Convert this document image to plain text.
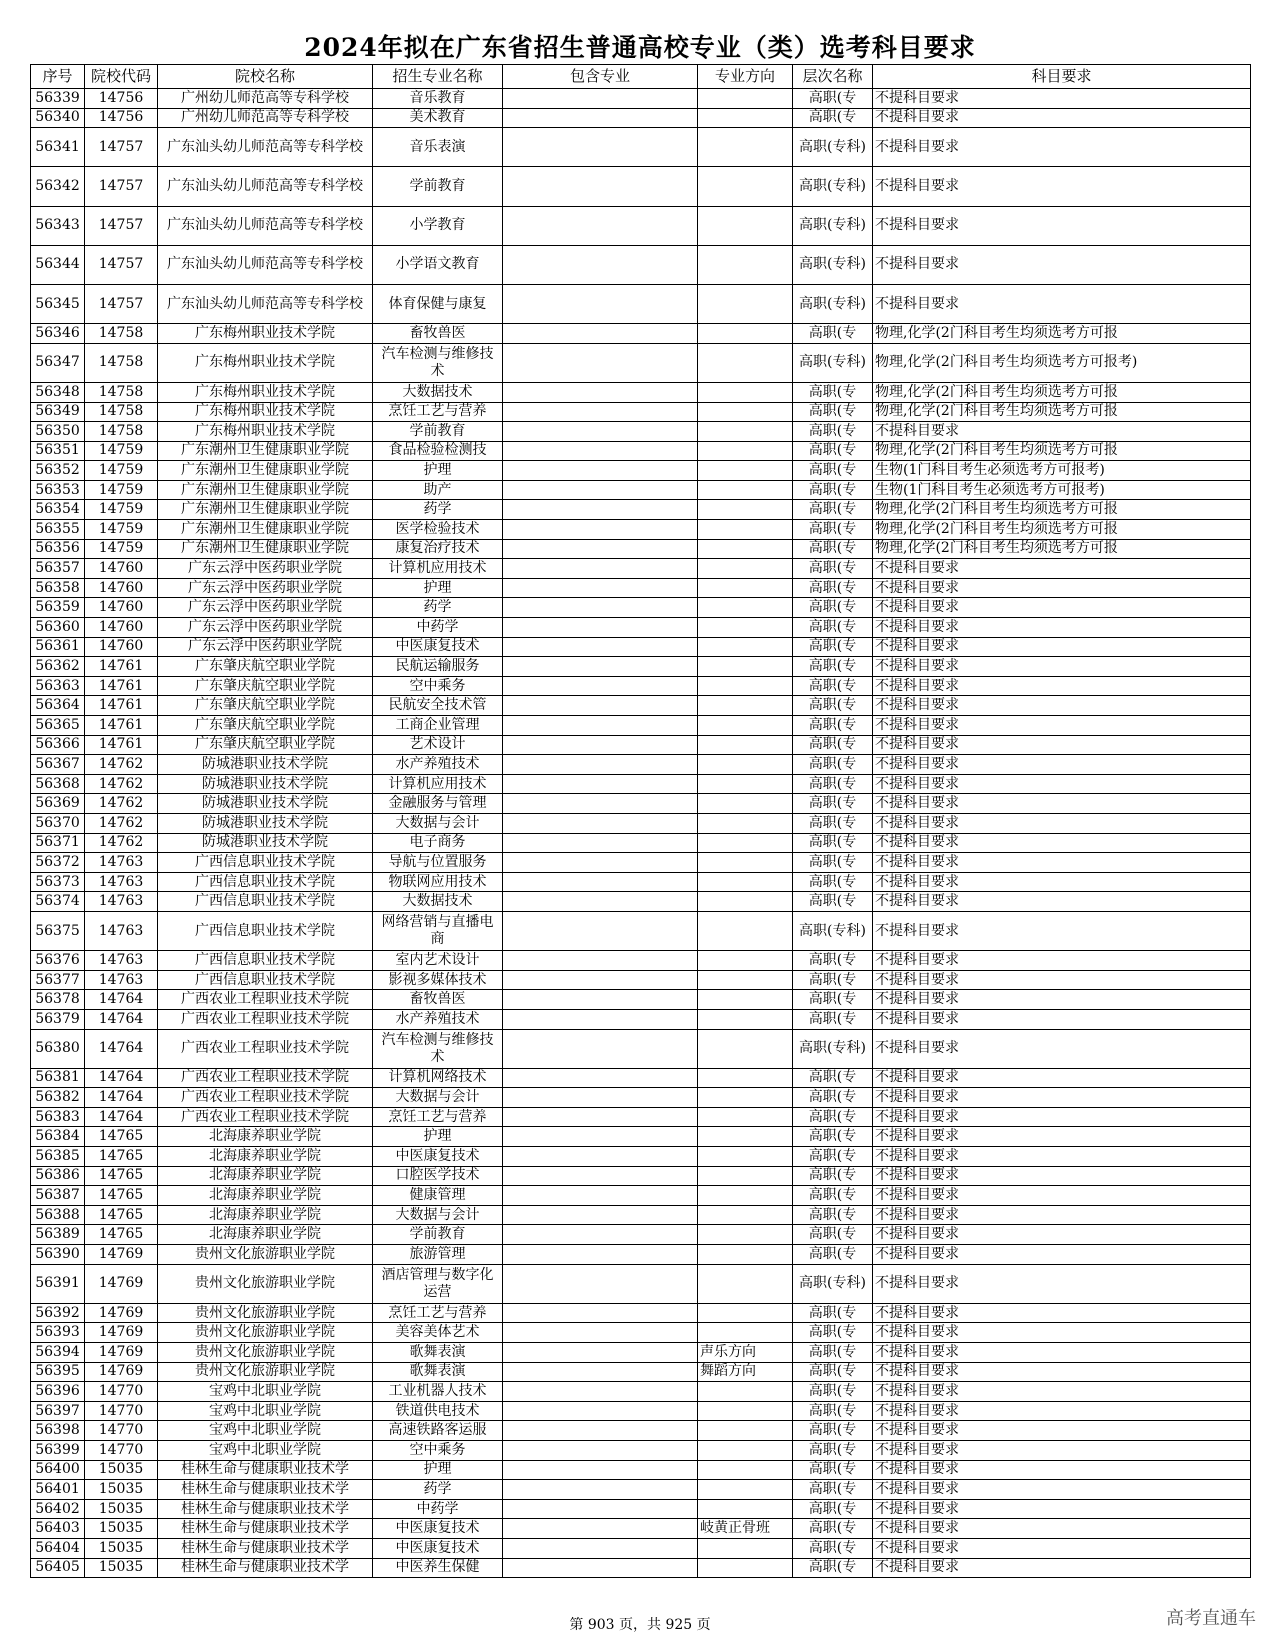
2024年拟在广东省招生普通高校专业（类）选考科目要求
序号	院校代码	院校名称	招生专业名称	包含专业	专业方向	层次名称	科目要求
56339	14756	广州幼儿师范高等专科学校	音乐教育			高职(专	不提科目要求
56340	14756	广州幼儿师范高等专科学校	美术教育			高职(专	不提科目要求
56341	14757	广东汕头幼儿师范高等专科学校	音乐表演			高职(专科)	不提科目要求
56342	14757	广东汕头幼儿师范高等专科学校	学前教育			高职(专科)	不提科目要求
56343	14757	广东汕头幼儿师范高等专科学校	小学教育			高职(专科)	不提科目要求
56344	14757	广东汕头幼儿师范高等专科学校	小学语文教育			高职(专科)	不提科目要求
56345	14757	广东汕头幼儿师范高等专科学校	体育保健与康复			高职(专科)	不提科目要求
56346	14758	广东梅州职业技术学院	畜牧兽医			高职(专	物理,化学(2门科目考生均须选考方可报
56347	14758	广东梅州职业技术学院	汽车检测与维修技术			高职(专科)	物理,化学(2门科目考生均须选考方可报考)
56348	14758	广东梅州职业技术学院	大数据技术			高职(专	物理,化学(2门科目考生均须选考方可报
56349	14758	广东梅州职业技术学院	烹饪工艺与营养			高职(专	物理,化学(2门科目考生均须选考方可报
56350	14758	广东梅州职业技术学院	学前教育			高职(专	不提科目要求
56351	14759	广东潮州卫生健康职业学院	食品检验检测技			高职(专	物理,化学(2门科目考生均须选考方可报
56352	14759	广东潮州卫生健康职业学院	护理			高职(专	生物(1门科目考生必须选考方可报考)
56353	14759	广东潮州卫生健康职业学院	助产			高职(专	生物(1门科目考生必须选考方可报考)
56354	14759	广东潮州卫生健康职业学院	药学			高职(专	物理,化学(2门科目考生均须选考方可报
56355	14759	广东潮州卫生健康职业学院	医学检验技术			高职(专	物理,化学(2门科目考生均须选考方可报
56356	14759	广东潮州卫生健康职业学院	康复治疗技术			高职(专	物理,化学(2门科目考生均须选考方可报
56357	14760	广东云浮中医药职业学院	计算机应用技术			高职(专	不提科目要求
56358	14760	广东云浮中医药职业学院	护理			高职(专	不提科目要求
56359	14760	广东云浮中医药职业学院	药学			高职(专	不提科目要求
56360	14760	广东云浮中医药职业学院	中药学			高职(专	不提科目要求
56361	14760	广东云浮中医药职业学院	中医康复技术			高职(专	不提科目要求
56362	14761	广东肇庆航空职业学院	民航运输服务			高职(专	不提科目要求
56363	14761	广东肇庆航空职业学院	空中乘务			高职(专	不提科目要求
56364	14761	广东肇庆航空职业学院	民航安全技术管			高职(专	不提科目要求
56365	14761	广东肇庆航空职业学院	工商企业管理			高职(专	不提科目要求
56366	14761	广东肇庆航空职业学院	艺术设计			高职(专	不提科目要求
56367	14762	防城港职业技术学院	水产养殖技术			高职(专	不提科目要求
56368	14762	防城港职业技术学院	计算机应用技术			高职(专	不提科目要求
56369	14762	防城港职业技术学院	金融服务与管理			高职(专	不提科目要求
56370	14762	防城港职业技术学院	大数据与会计			高职(专	不提科目要求
56371	14762	防城港职业技术学院	电子商务			高职(专	不提科目要求
56372	14763	广西信息职业技术学院	导航与位置服务			高职(专	不提科目要求
56373	14763	广西信息职业技术学院	物联网应用技术			高职(专	不提科目要求
56374	14763	广西信息职业技术学院	大数据技术			高职(专	不提科目要求
56375	14763	广西信息职业技术学院	网络营销与直播电商			高职(专科)	不提科目要求
56376	14763	广西信息职业技术学院	室内艺术设计			高职(专	不提科目要求
56377	14763	广西信息职业技术学院	影视多媒体技术			高职(专	不提科目要求
56378	14764	广西农业工程职业技术学院	畜牧兽医			高职(专	不提科目要求
56379	14764	广西农业工程职业技术学院	水产养殖技术			高职(专	不提科目要求
56380	14764	广西农业工程职业技术学院	汽车检测与维修技术			高职(专科)	不提科目要求
56381	14764	广西农业工程职业技术学院	计算机网络技术			高职(专	不提科目要求
56382	14764	广西农业工程职业技术学院	大数据与会计			高职(专	不提科目要求
56383	14764	广西农业工程职业技术学院	烹饪工艺与营养			高职(专	不提科目要求
56384	14765	北海康养职业学院	护理			高职(专	不提科目要求
56385	14765	北海康养职业学院	中医康复技术			高职(专	不提科目要求
56386	14765	北海康养职业学院	口腔医学技术			高职(专	不提科目要求
56387	14765	北海康养职业学院	健康管理			高职(专	不提科目要求
56388	14765	北海康养职业学院	大数据与会计			高职(专	不提科目要求
56389	14765	北海康养职业学院	学前教育			高职(专	不提科目要求
56390	14769	贵州文化旅游职业学院	旅游管理			高职(专	不提科目要求
56391	14769	贵州文化旅游职业学院	酒店管理与数字化运营			高职(专科)	不提科目要求
56392	14769	贵州文化旅游职业学院	烹饪工艺与营养			高职(专	不提科目要求
56393	14769	贵州文化旅游职业学院	美容美体艺术			高职(专	不提科目要求
56394	14769	贵州文化旅游职业学院	歌舞表演		声乐方向	高职(专	不提科目要求
56395	14769	贵州文化旅游职业学院	歌舞表演		舞蹈方向	高职(专	不提科目要求
56396	14770	宝鸡中北职业学院	工业机器人技术			高职(专	不提科目要求
56397	14770	宝鸡中北职业学院	铁道供电技术			高职(专	不提科目要求
56398	14770	宝鸡中北职业学院	高速铁路客运服			高职(专	不提科目要求
56399	14770	宝鸡中北职业学院	空中乘务			高职(专	不提科目要求
56400	15035	桂林生命与健康职业技术学	护理			高职(专	不提科目要求
56401	15035	桂林生命与健康职业技术学	药学			高职(专	不提科目要求
56402	15035	桂林生命与健康职业技术学	中药学			高职(专	不提科目要求
56403	15035	桂林生命与健康职业技术学	中医康复技术		岐黄正骨班	高职(专	不提科目要求
56404	15035	桂林生命与健康职业技术学	中医康复技术			高职(专	不提科目要求
56405	15035	桂林生命与健康职业技术学	中医养生保健			高职(专	不提科目要求
第 903 页，共 925 页	高考直通车
